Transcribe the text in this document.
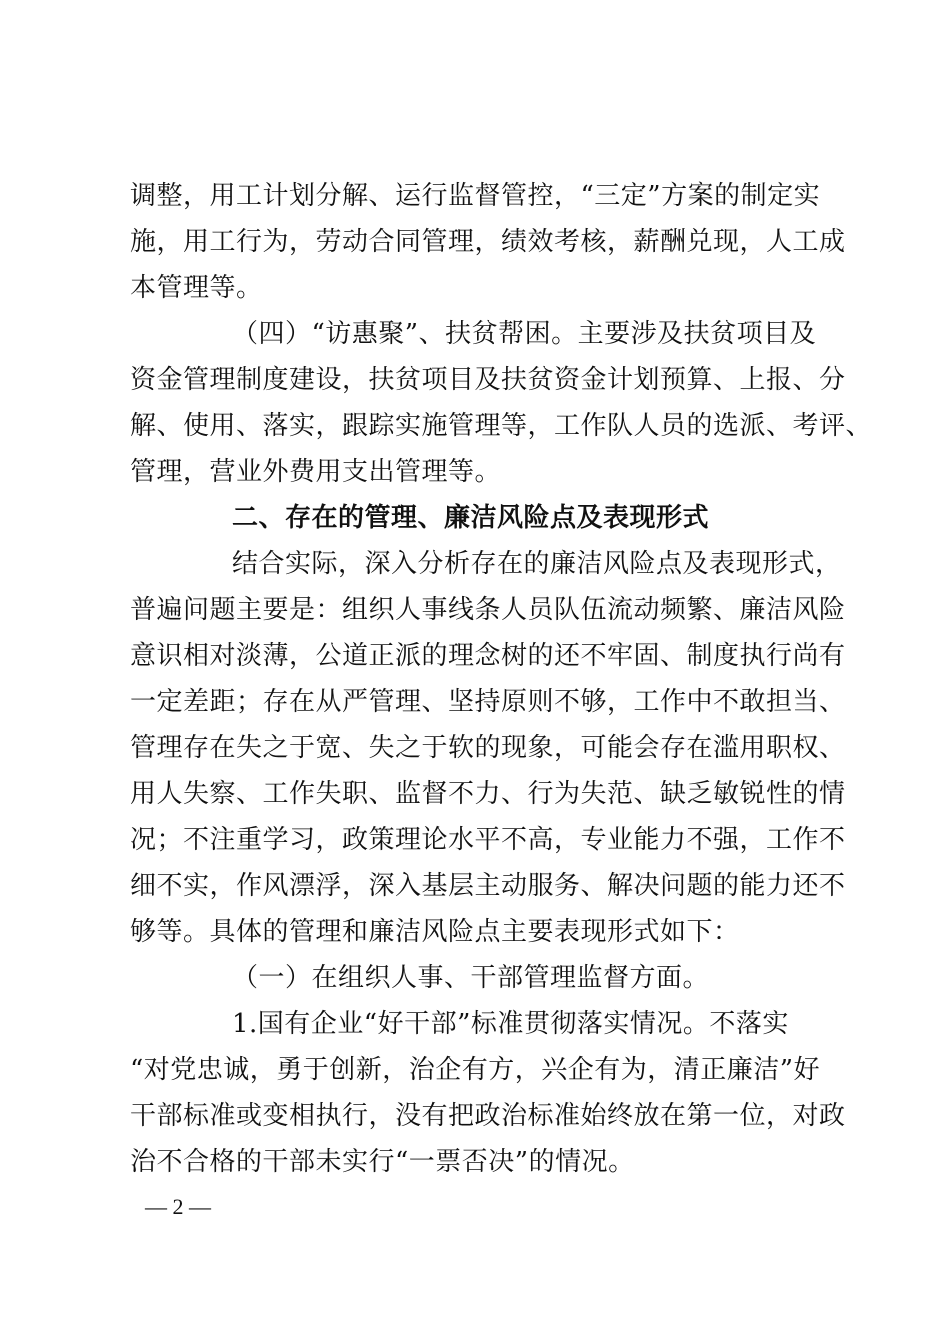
调整，用工计划分解、运行监督管控，“三定”方案的制定实
施，用工行为，劳动合同管理，绩效考核，薪酬兑现，人工成
本管理等。
（四）“访惠聚”、扶贫帮困。主要涉及扶贫项目及
资金管理制度建设，扶贫项目及扶贫资金计划预算、上报、分
解、使用、落实，跟踪实施管理等，工作队人员的选派、考评、
管理，营业外费用支出管理等。
二、存在的管理、廉洁风险点及表现形式
结合实际，深入分析存在的廉洁风险点及表现形式，
普遍问题主要是：组织人事线条人员队伍流动频繁、廉洁风险
意识相对淡薄，公道正派的理念树的还不牢固、制度执行尚有
一定差距；存在从严管理、坚持原则不够，工作中不敢担当、
管理存在失之于宽、失之于软的现象，可能会存在滥用职权、
用人失察、工作失职、监督不力、行为失范、缺乏敏锐性的情
况；不注重学习，政策理论水平不高，专业能力不强，工作不
细不实，作风漂浮，深入基层主动服务、解决问题的能力还不
够等。具体的管理和廉洁风险点主要表现形式如下：
（一）在组织人事、干部管理监督方面。
1.国有企业“好干部”标准贯彻落实情况。不落实
“对党忠诚，勇于创新，治企有方，兴企有为，清正廉洁”好
干部标准或变相执行，没有把政治标准始终放在第一位，对政
治不合格的干部未实行“一票否决”的情况。
— 2 —
